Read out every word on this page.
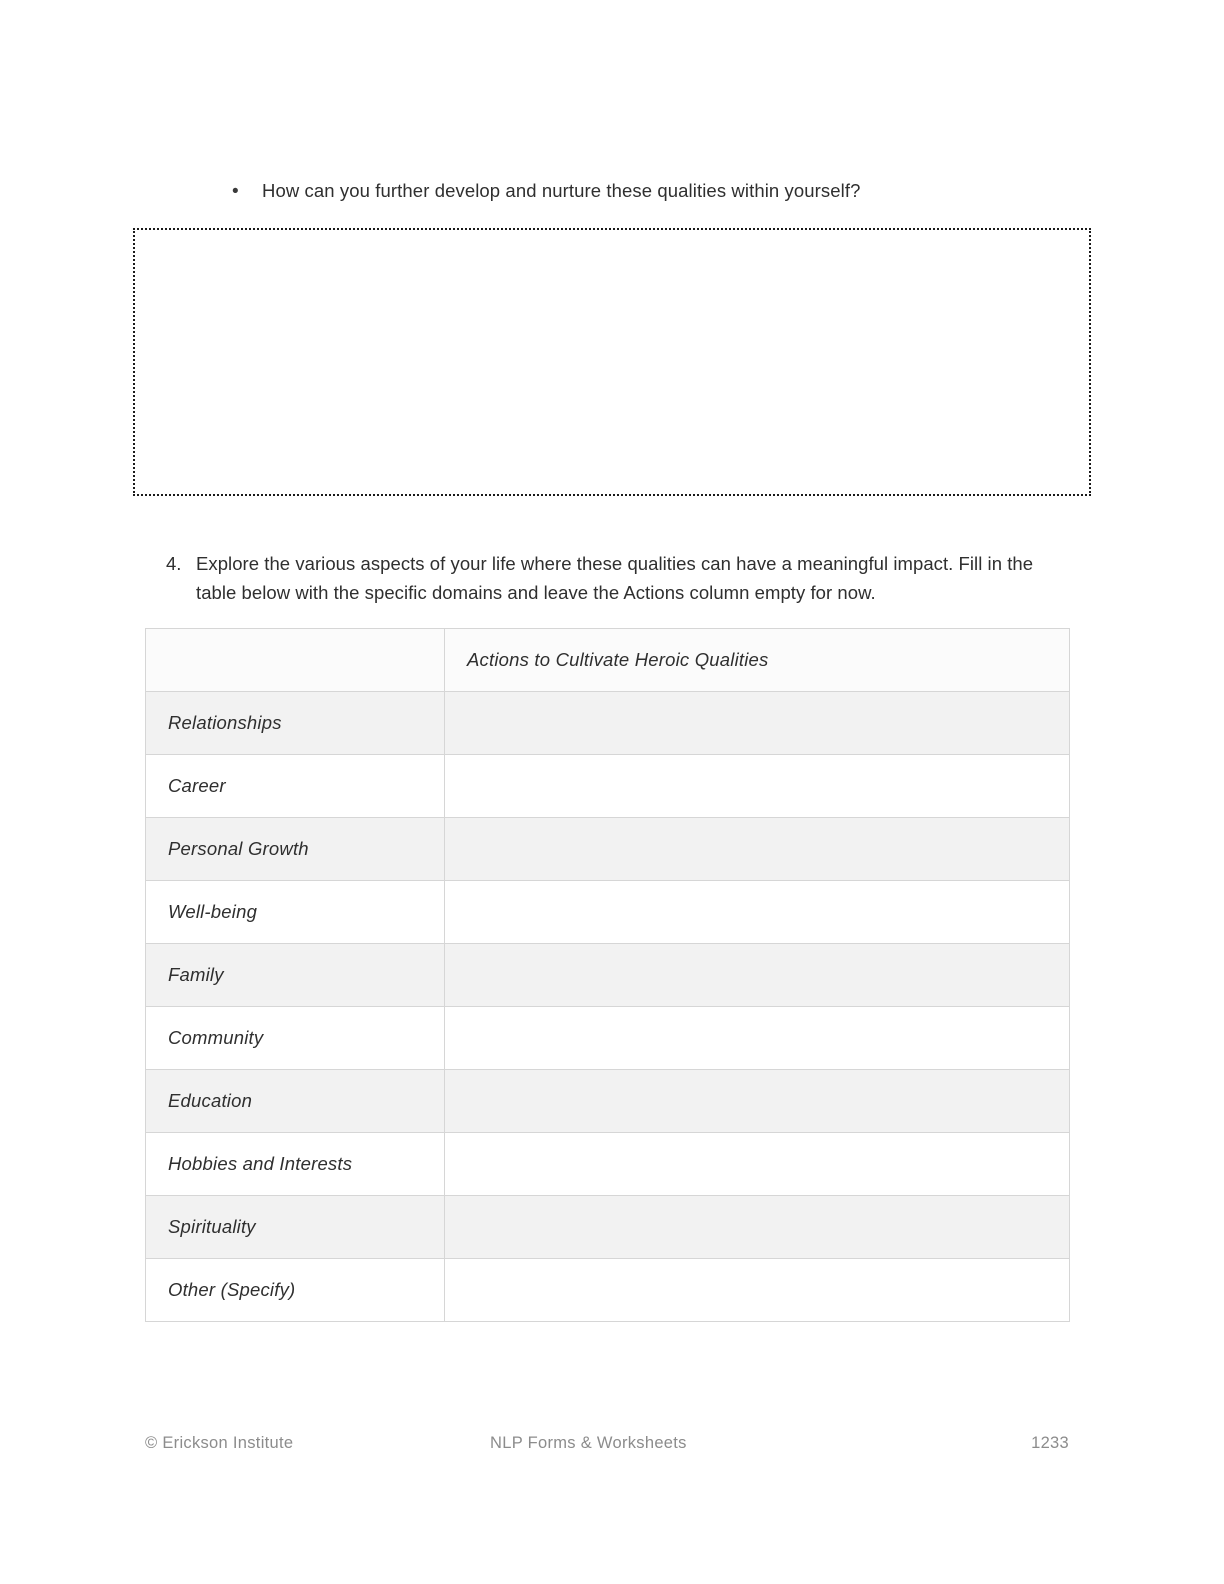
•	How can you further develop and nurture these qualities within yourself?
4. Explore the various aspects of your life where these qualities can have a meaningful impact. Fill in the table below with the specific domains and leave the Actions column empty for now.
	Actions to Cultivate Heroic Qualities
Relationships	
Career	
Personal Growth	
Well-being	
Family	
Community	
Education	
Hobbies and Interests	
Spirituality	
Other (Specify)	
© Erickson Institute	NLP Forms & Worksheets	1233
